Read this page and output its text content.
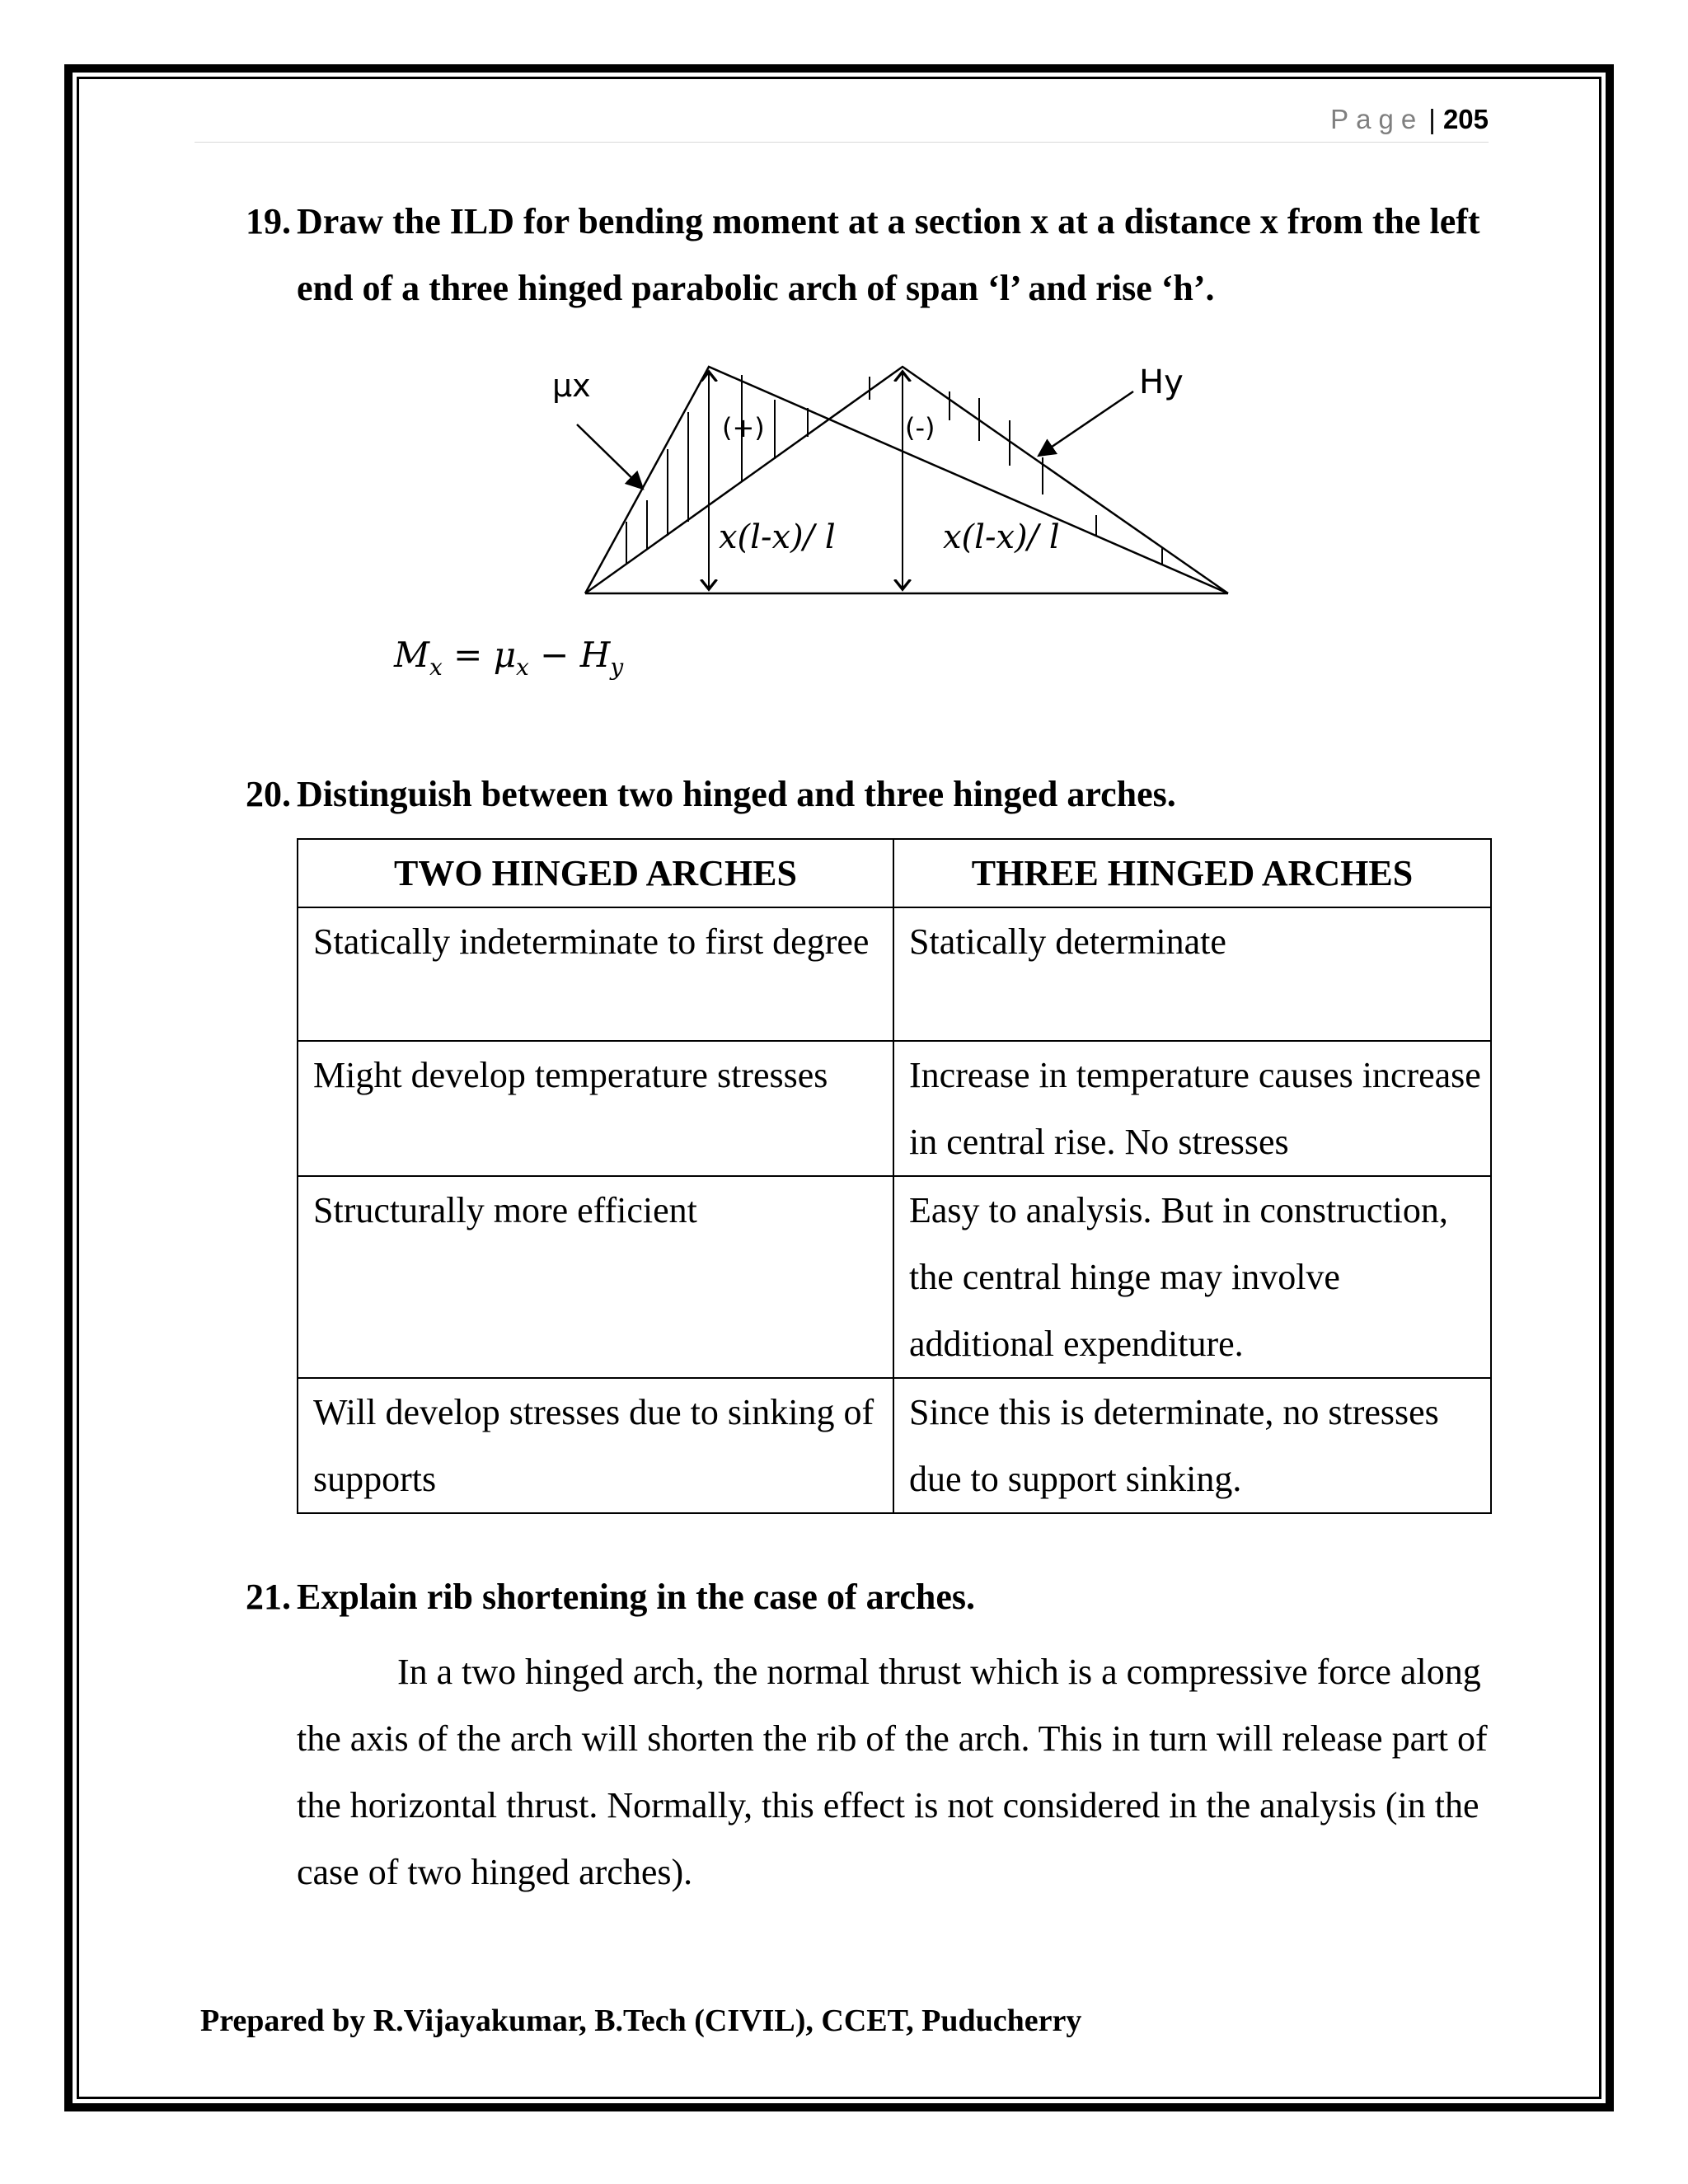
Page | 205
19. Draw the ILD for bending moment at a section x at a distance x from the left end of a three hinged parabolic arch of span ‘l’ and rise ‘h’.
μx	Hy
(+)	(-)
x(l-x)/ l	x(l-x)/ l
$M_x = \mu_x - H_y$
20. Distinguish between two hinged and three hinged arches.
TWO HINGED ARCHES	THREE HINGED ARCHES
Statically indeterminate to first degree	Statically determinate
Might develop temperature stresses	Increase in temperature causes increase in central rise. No stresses
Structurally more efficient	Easy to analysis. But in construction, the central hinge may involve additional expenditure.
Will develop stresses due to sinking of supports	Since this is determinate, no stresses due to support sinking.
21. Explain rib shortening in the case of arches.
In a two hinged arch, the normal thrust which is a compressive force along the axis of the arch will shorten the rib of the arch. This in turn will release part of the horizontal thrust. Normally, this effect is not considered in the analysis (in the case of two hinged arches).
Prepared by R.Vijayakumar, B.Tech (CIVIL), CCET, Puducherry
